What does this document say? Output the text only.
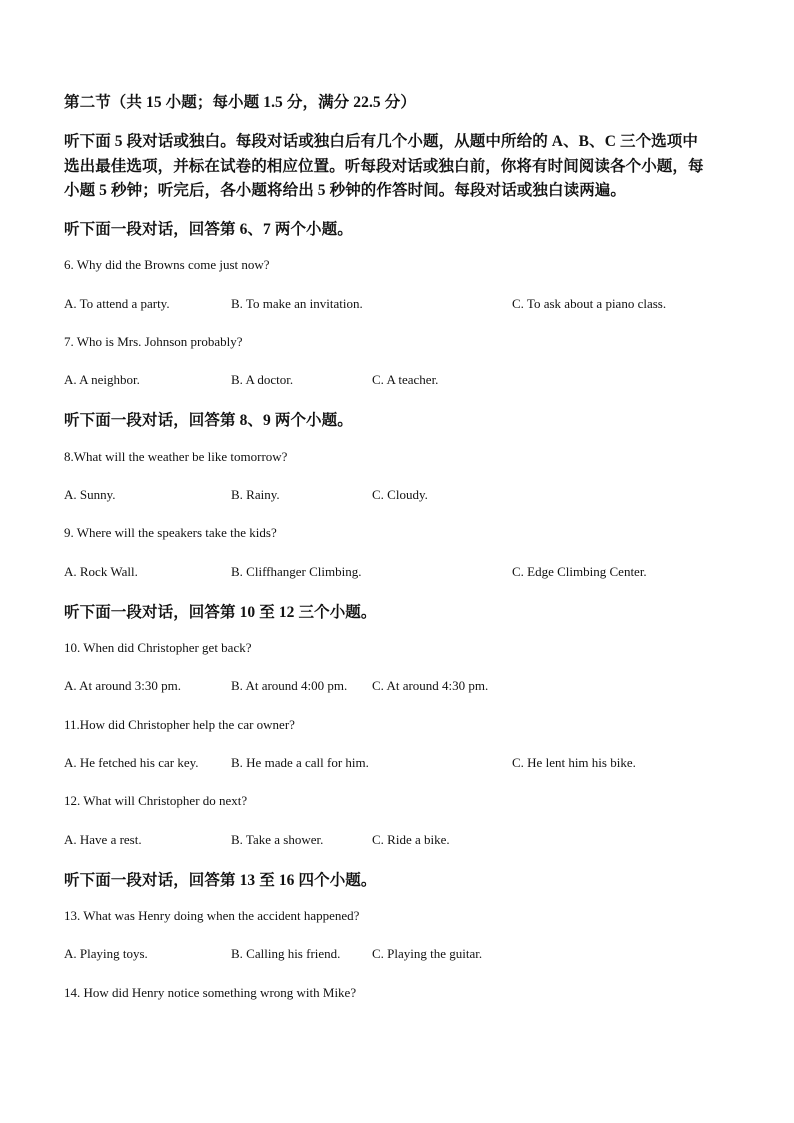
第二节（共 15 小题；每小题 1.5 分，满分 22.5 分）
听下面 5 段对话或独白。每段对话或独白后有几个小题，从题中所给的 A、B、C 三个选项中
选出最佳选项，并标在试卷的相应位置。听每段对话或独白前，你将有时间阅读各个小题，每
小题 5 秒钟；听完后，各小题将给出 5 秒钟的作答时间。每段对话或独白读两遍。
听下面一段对话，回答第 6、7 两个小题。
6. Why did the Browns come just now?
A. To attend a party.	B. To make an invitation.	C. To ask about a piano class.
7. Who is Mrs. Johnson probably?
A. A neighbor.	B. A doctor.	C. A teacher.
听下面一段对话，回答第 8、9 两个小题。
8.What will the weather be like tomorrow?
A. Sunny.	B. Rainy.	C. Cloudy.
9. Where will the speakers take the kids?
A. Rock Wall.	B. Cliffhanger Climbing.	C. Edge Climbing Center.
听下面一段对话，回答第 10 至 12 三个小题。
10. When did Christopher get back?
A. At around 3:30 pm.	B. At around 4:00 pm. C. At around 4:30 pm.
11.How did Christopher help the car owner?
A. He fetched his car key. B. He made a call for him.	C. He lent him his bike.
12. What will Christopher do next?
A. Have a rest.	B. Take a shower.	C. Ride a bike.
听下面一段对话，回答第 13 至 16 四个小题。
13. What was Henry doing when the accident happened?
A. Playing toys.	B. Calling his friend. C. Playing the guitar.
14. How did Henry notice something wrong with Mike?
